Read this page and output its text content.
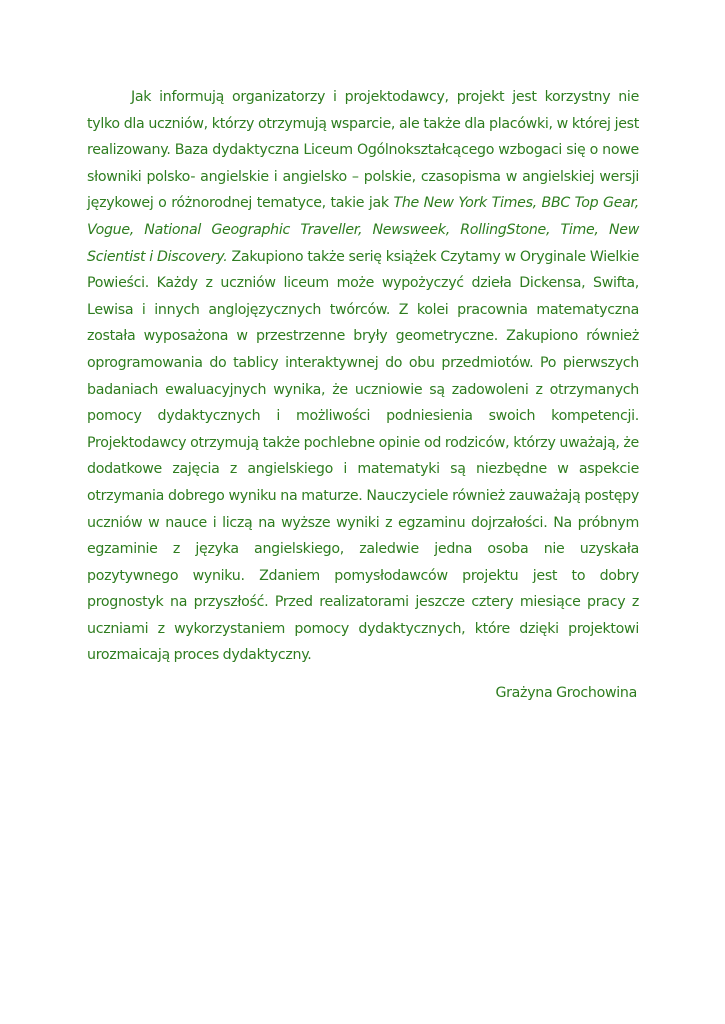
Jak informują organizatorzy i projektodawcy, projekt jest korzystny nie tylko dla uczniów, którzy otrzymują wsparcie, ale także dla placówki, w której jest realizowany. Baza dydaktyczna Liceum Ogólnokształcącego wzbogaci się o nowe słowniki polsko- angielskie i angielsko – polskie, czasopisma w angielskiej wersji językowej o różnorodnej tematyce, takie jak The New York Times, BBC Top Gear, Vogue, National Geographic Traveller, Newsweek, RollingStone, Time, New Scientist i Discovery. Zakupiono także serię książek Czytamy w Oryginale Wielkie Powieści. Każdy z uczniów liceum może wypożyczyć dzieła Dickensa, Swifta, Lewisa i innych anglojęzycznych twórców. Z kolei pracownia matematyczna została wyposażona w przestrzenne bryły geometryczne. Zakupiono również oprogramowania do tablicy interaktywnej do obu przedmiotów. Po pierwszych badaniach ewaluacyjnych wynika, że uczniowie są zadowoleni z otrzymanych pomocy dydaktycznych i możliwości podniesienia swoich kompetencji. Projektodawcy otrzymują także pochlebne opinie od rodziców, którzy uważają, że dodatkowe zajęcia z angielskiego i matematyki są niezbędne w aspekcie otrzymania dobrego wyniku na maturze. Nauczyciele również zauważają postępy uczniów w nauce i liczą na wyższe wyniki z egzaminu dojrzałości. Na próbnym egzaminie z języka angielskiego, zaledwie jedna osoba nie uzyskała pozytywnego wyniku. Zdaniem pomysłodawców projektu jest to dobry prognostyk na przyszłość. Przed realizatorami jeszcze cztery miesiące pracy z uczniami z wykorzystaniem pomocy dydaktycznych, które dzięki projektowi urozmaicają proces dydaktyczny.

Grażyna Grochowina
